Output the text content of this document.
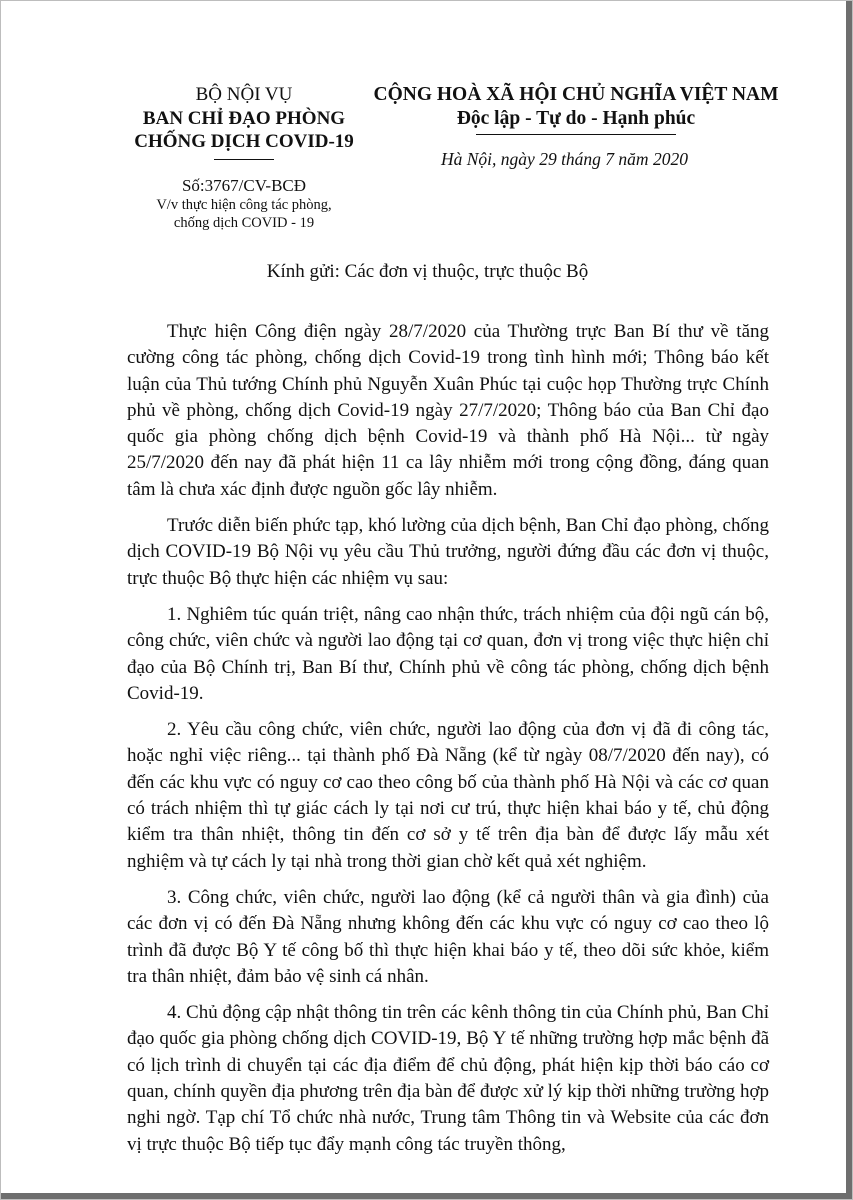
BỘ NỘI VỤ
BAN CHỈ ĐẠO PHÒNG
CHỐNG DỊCH COVID-19
Số:3767/CV-BCĐ
V/v thực hiện công tác phòng,
chống dịch COVID - 19
CỘNG HOÀ XÃ HỘI CHỦ NGHĨA VIỆT NAM
Độc lập - Tự do - Hạnh phúc
Hà Nội, ngày 29 tháng 7 năm 2020
Kính gửi: Các đơn vị thuộc, trực thuộc Bộ

Thực hiện Công điện ngày 28/7/2020 của Thường trực Ban Bí thư về tăng cường công tác phòng, chống dịch Covid-19 trong tình hình mới; Thông báo kết luận của Thủ tướng Chính phủ Nguyễn Xuân Phúc tại cuộc họp Thường trực Chính phủ về phòng, chống dịch Covid-19 ngày 27/7/2020; Thông báo của Ban Chỉ đạo quốc gia phòng chống dịch bệnh Covid-19 và thành phố Hà Nội... từ ngày 25/7/2020 đến nay đã phát hiện 11 ca lây nhiễm mới trong cộng đồng, đáng quan tâm là chưa xác định được nguồn gốc lây nhiễm.

Trước diễn biến phức tạp, khó lường của dịch bệnh, Ban Chỉ đạo phòng, chống dịch COVID-19 Bộ Nội vụ yêu cầu Thủ trưởng, người đứng đầu các đơn vị thuộc, trực thuộc Bộ thực hiện các nhiệm vụ sau:

1. Nghiêm túc quán triệt, nâng cao nhận thức, trách nhiệm của đội ngũ cán bộ, công chức, viên chức và người lao động tại cơ quan, đơn vị trong việc thực hiện chỉ đạo của Bộ Chính trị, Ban Bí thư, Chính phủ về công tác phòng, chống dịch bệnh Covid-19.

2. Yêu cầu công chức, viên chức, người lao động của đơn vị đã đi công tác, hoặc nghỉ việc riêng... tại thành phố Đà Nẵng (kể từ ngày 08/7/2020 đến nay), có đến các khu vực có nguy cơ cao theo công bố của thành phố Hà Nội và các cơ quan có trách nhiệm thì tự giác cách ly tại nơi cư trú, thực hiện khai báo y tế, chủ động kiểm tra thân nhiệt, thông tin đến cơ sở y tế trên địa bàn để được lấy mẫu xét nghiệm và tự cách ly tại nhà trong thời gian chờ kết quả xét nghiệm.

3. Công chức, viên chức, người lao động (kể cả người thân và gia đình) của các đơn vị có đến Đà Nẵng nhưng không đến các khu vực có nguy cơ cao theo lộ trình đã được Bộ Y tế công bố thì thực hiện khai báo y tế, theo dõi sức khỏe, kiểm tra thân nhiệt, đảm bảo vệ sinh cá nhân.

4. Chủ động cập nhật thông tin trên các kênh thông tin của Chính phủ, Ban Chỉ đạo quốc gia phòng chống dịch COVID-19, Bộ Y tế những trường hợp mắc bệnh đã có lịch trình di chuyển tại các địa điểm để chủ động, phát hiện kịp thời báo cáo cơ quan, chính quyền địa phương trên địa bàn để được xử lý kịp thời những trường hợp nghi ngờ. Tạp chí Tổ chức nhà nước, Trung tâm Thông tin và Website của các đơn vị trực thuộc Bộ tiếp tục đẩy mạnh công tác truyền thông,
